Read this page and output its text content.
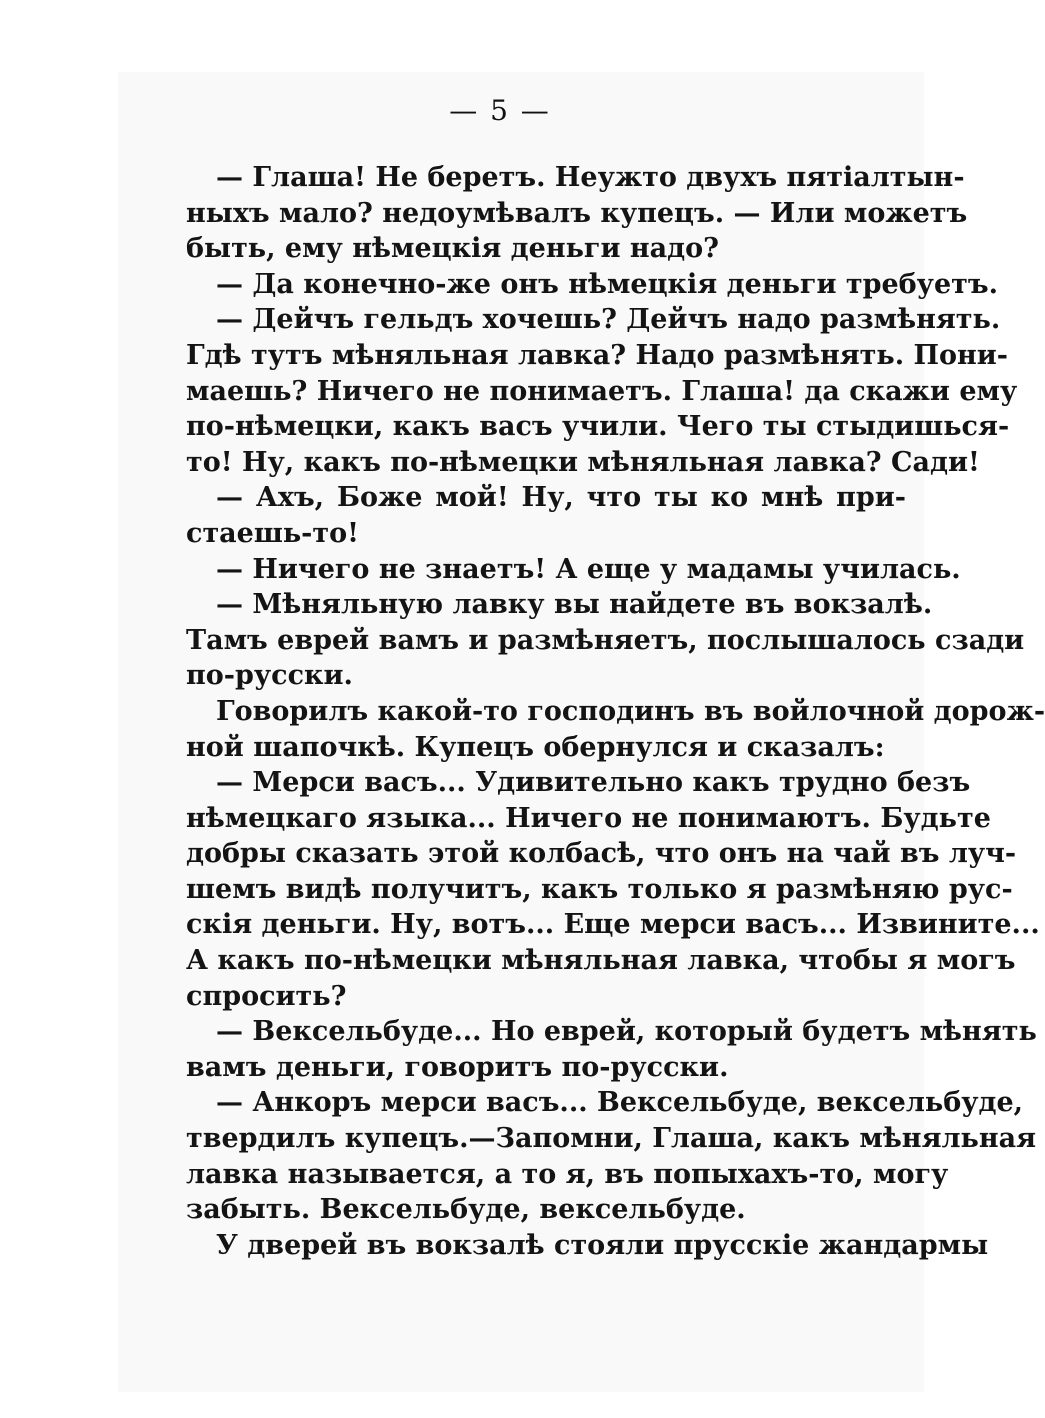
— 5 —
— Глаша! Не беретъ. Неужто двухъ пятіалтын-
ныхъ мало? недоумѣвалъ купецъ. — Или можетъ
быть, ему нѣмецкія деньги надо?
— Да конечно-же онъ нѣмецкія деньги требуетъ.
— Дейчъ гельдъ хочешь? Дейчъ надо размѣнять.
Гдѣ тутъ мѣняльная лавка? Надо размѣнять. Пони-
маешь? Ничего не понимаетъ. Глаша! да скажи ему
по-нѣмецки, какъ васъ учили. Чего ты стыдишься-
то! Ну, какъ по-нѣмецки мѣняльная лавка? Сади!
— Ахъ, Боже мой! Ну, что ты ко мнѣ при-
стаешь-то!
— Ничего не знаетъ! А еще у мадамы училась.
— Мѣняльную лавку вы найдете въ вокзалѣ.
Тамъ еврей вамъ и размѣняетъ, послышалось сзади
по-русски.
Говорилъ какой-то господинъ въ войлочной дорож-
ной шапочкѣ. Купецъ обернулся и сказалъ:
— Мерси васъ... Удивительно какъ трудно безъ
нѣмецкаго языка... Ничего не понимаютъ. Будьте
добры сказать этой колбасѣ, что онъ на чай въ луч-
шемъ видѣ получитъ, какъ только я размѣняю рус-
скія деньги. Ну, вотъ... Еще мерси васъ... Извините...
А какъ по-нѣмецки мѣняльная лавка, чтобы я могъ
спросить?
— Вексельбуде... Но еврей, который будетъ мѣнять
вамъ деньги, говоритъ по-русски.
— Анкоръ мерси васъ... Вексельбуде, вексельбуде,
твердилъ купецъ.—Запомни, Глаша, какъ мѣняльная
лавка называется, а то я, въ попыхахъ-то, могу
забыть. Вексельбуде, вексельбуде.
У дверей въ вокзалѣ стояли прусскіе жандармы
